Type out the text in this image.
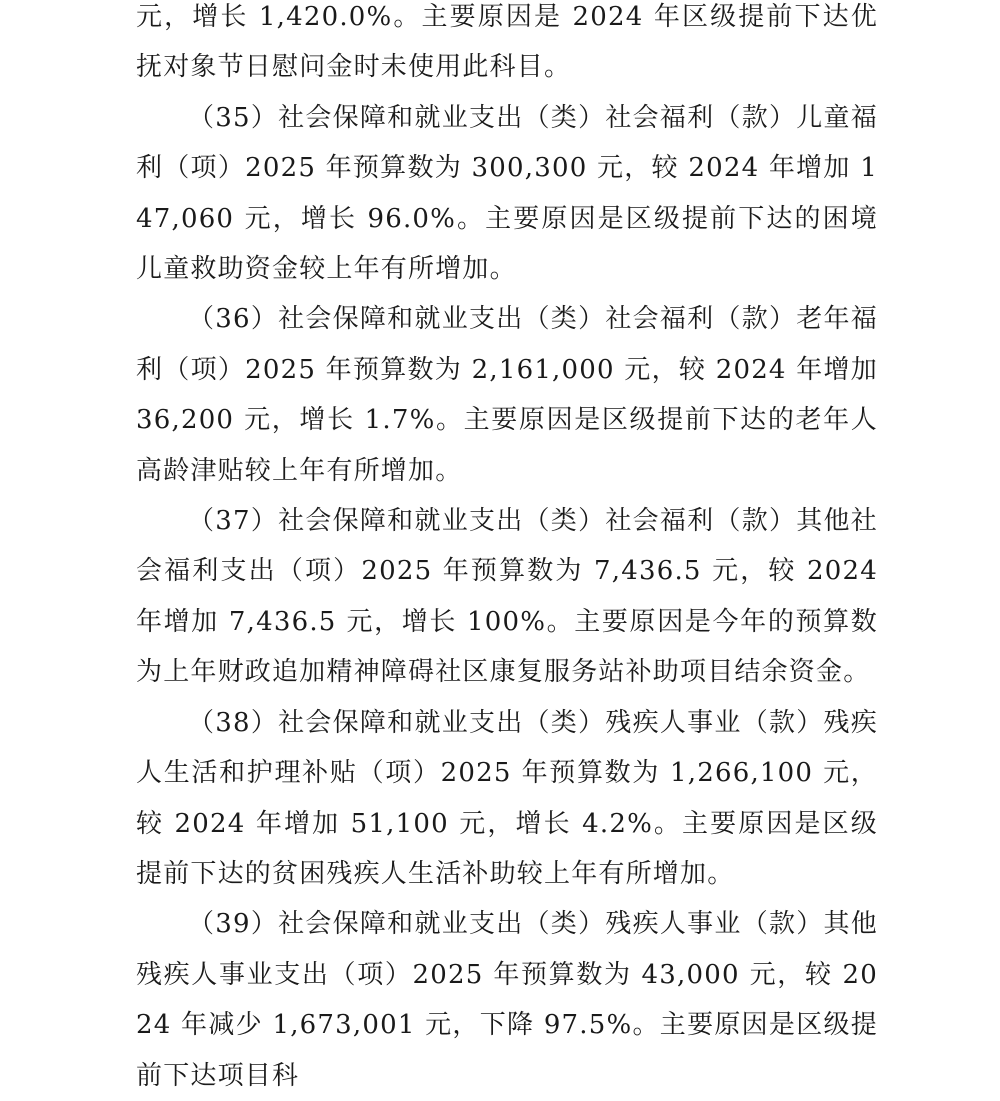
元，增长 1,420.0%。主要原因是 2024 年区级提前下达优抚对象节日慰问金时未使用此科目。

（35）社会保障和就业支出（类）社会福利（款）儿童福利（项）2025 年预算数为 300,300 元，较 2024 年增加 147,060 元，增长 96.0%。主要原因是区级提前下达的困境儿童救助资金较上年有所增加。

（36）社会保障和就业支出（类）社会福利（款）老年福利（项）2025 年预算数为 2,161,000 元，较 2024 年增加 36,200 元，增长 1.7%。主要原因是区级提前下达的老年人高龄津贴较上年有所增加。

（37）社会保障和就业支出（类）社会福利（款）其他社会福利支出（项）2025 年预算数为 7,436.5 元，较 2024 年增加 7,436.5 元，增长 100%。主要原因是今年的预算数为上年财政追加精神障碍社区康复服务站补助项目结余资金。

（38）社会保障和就业支出（类）残疾人事业（款）残疾人生活和护理补贴（项）2025 年预算数为 1,266,100 元，较 2024 年增加 51,100 元，增长 4.2%。主要原因是区级提前下达的贫困残疾人生活补助较上年有所增加。

（39）社会保障和就业支出（类）残疾人事业（款）其他残疾人事业支出（项）2025 年预算数为 43,000 元，较 2024 年减少 1,673,001 元，下降 97.5%。主要原因是区级提前下达项目科
